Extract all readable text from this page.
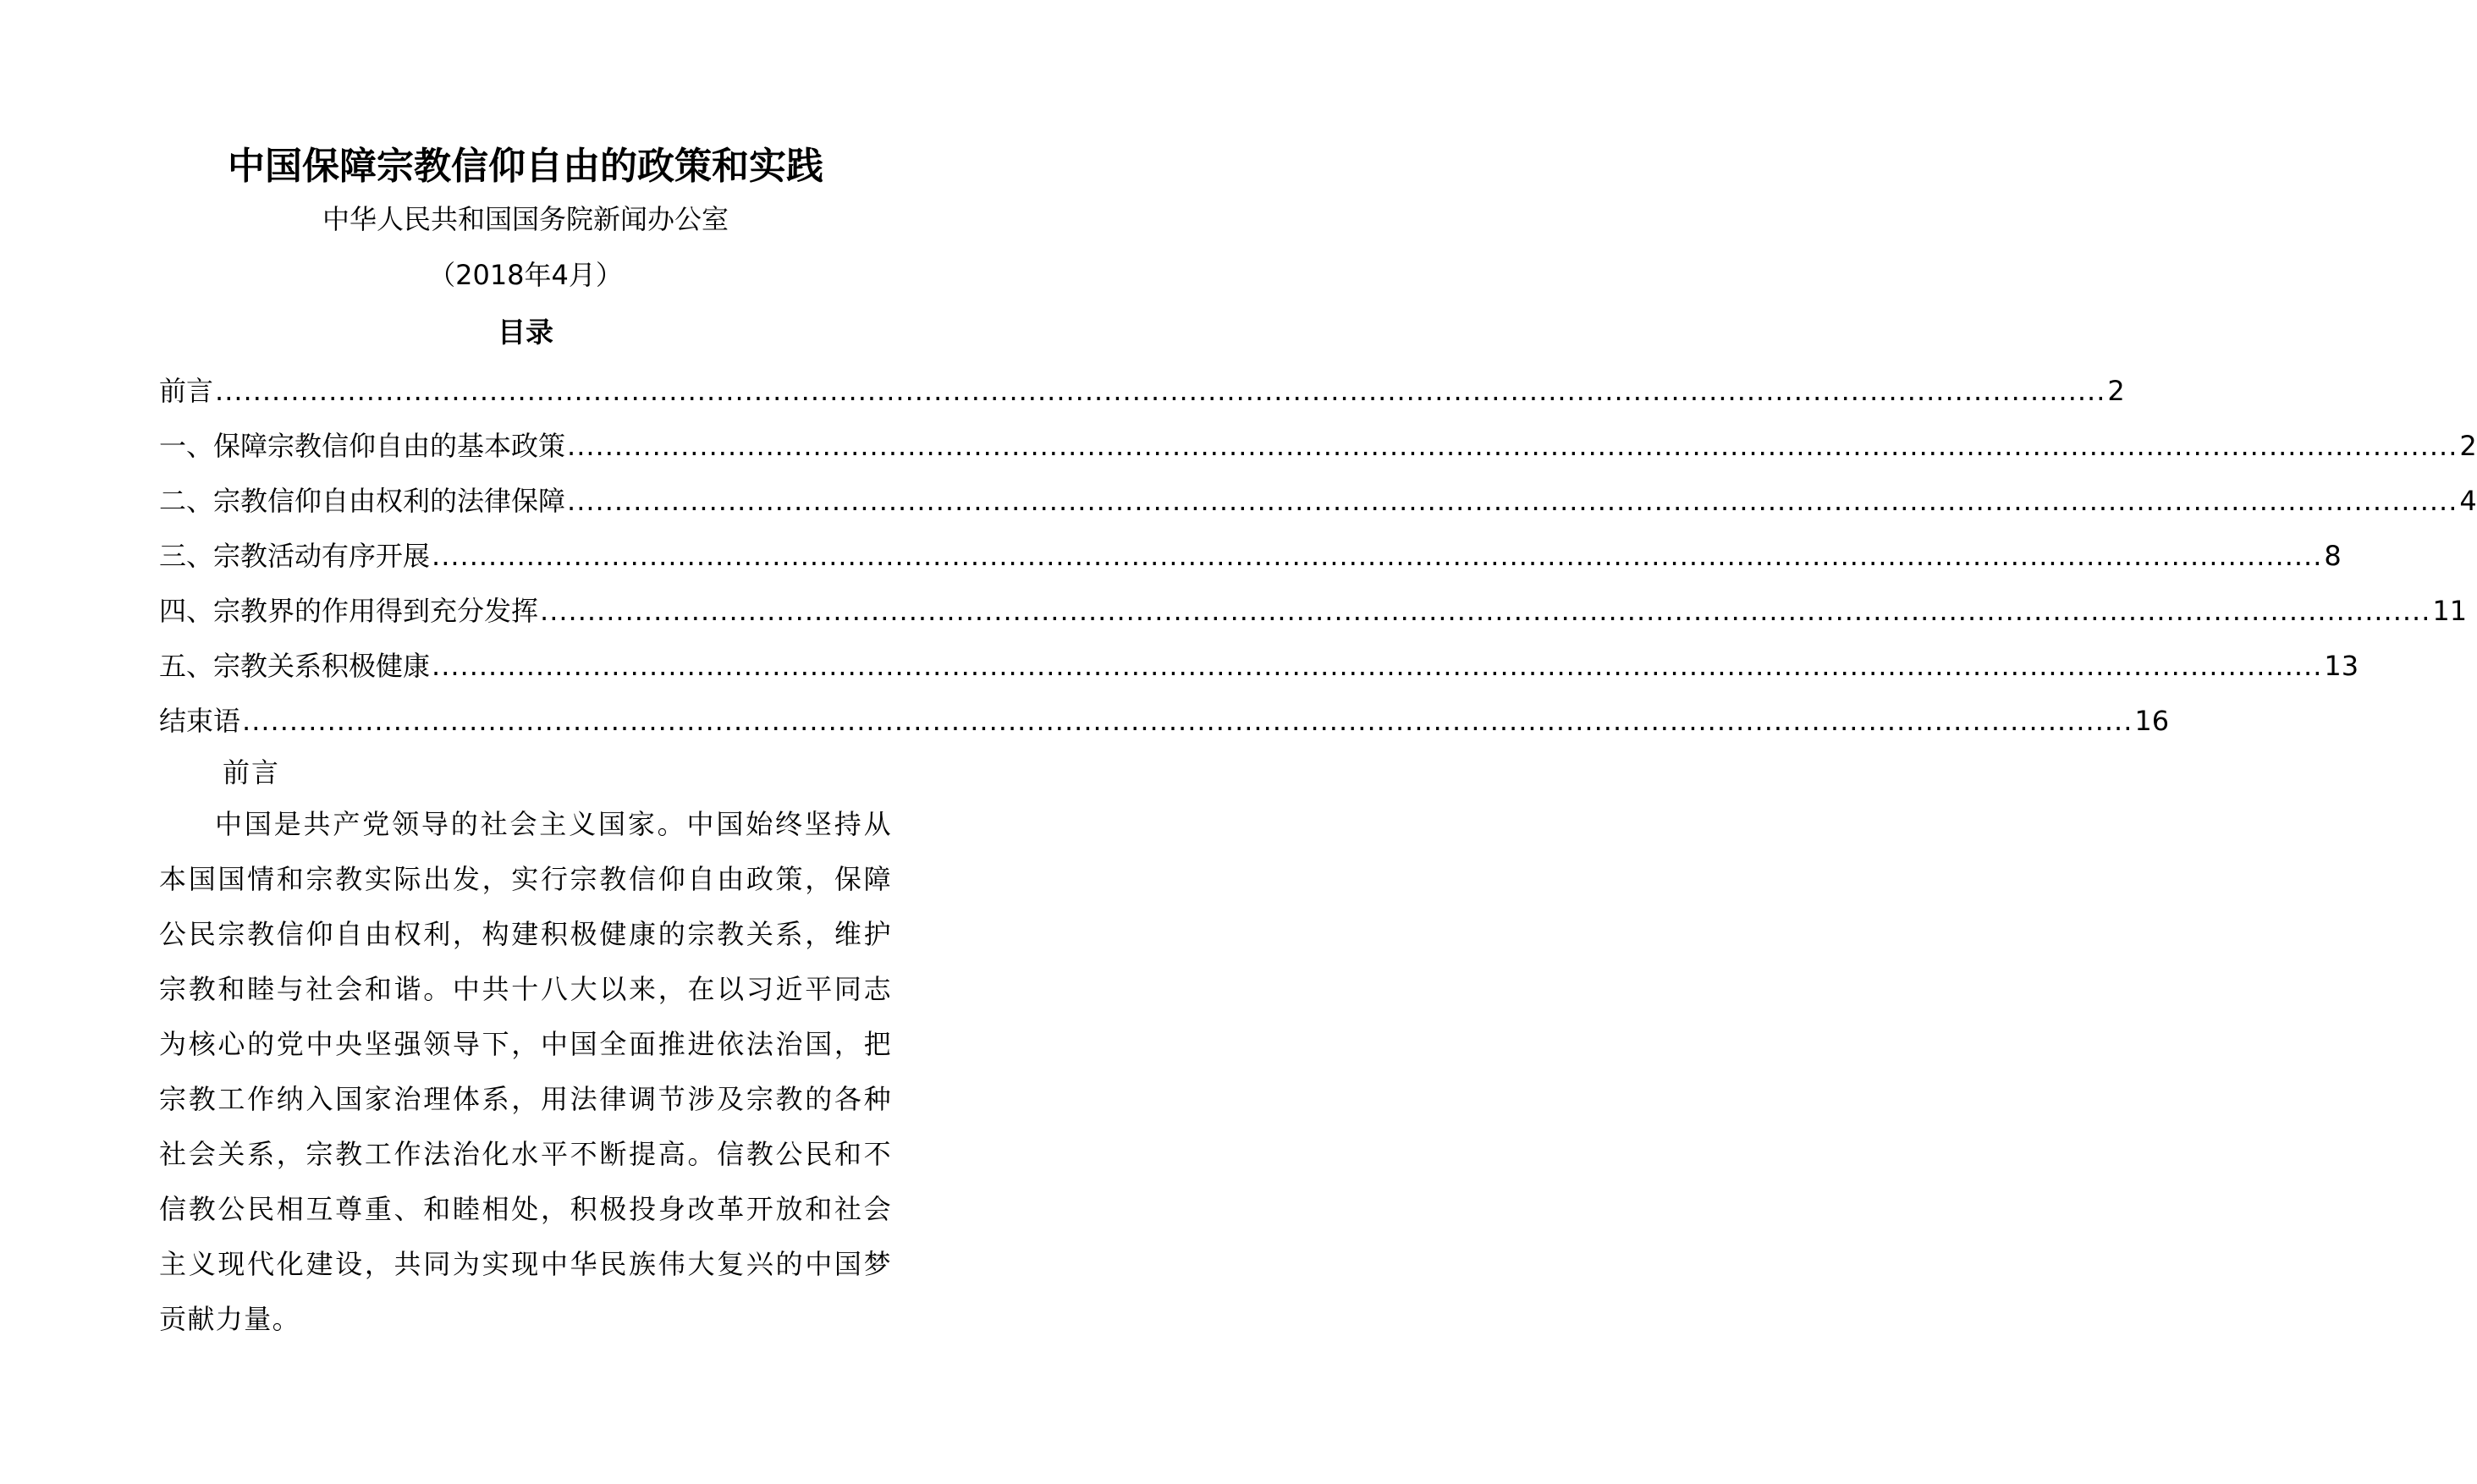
中国保障宗教信仰自由的政策和实践
中华人民共和国国务院新闻办公室
（2018年4月）
目录
前言 ........................................................................................................................................................................................................ 2
一、保障宗教信仰自由的基本政策 ........................................................................................................................................................................................................ 2
二、宗教信仰自由权利的法律保障 ........................................................................................................................................................................................................ 4
三、宗教活动有序开展 ........................................................................................................................................................................................................ 8
四、宗教界的作用得到充分发挥 ........................................................................................................................................................................................................ 11
五、宗教关系积极健康 ........................................................................................................................................................................................................ 13
结束语 ........................................................................................................................................................................................................ 16
前言

中国是共产党领导的社会主义国家。中国始终坚持从本国国情和宗教实际出发，实行宗教信仰自由政策，保障公民宗教信仰自由权利，构建积极健康的宗教关系，维护宗教和睦与社会和谐。中共十八大以来，在以习近平同志为核心的党中央坚强领导下，中国全面推进依法治国，把宗教工作纳入国家治理体系，用法律调节涉及宗教的各种社会关系，宗教工作法治化水平不断提高。信教公民和不信教公民相互尊重、和睦相处，积极投身改革开放和社会主义现代化建设，共同为实现中华民族伟大复兴的中国梦贡献力量。
